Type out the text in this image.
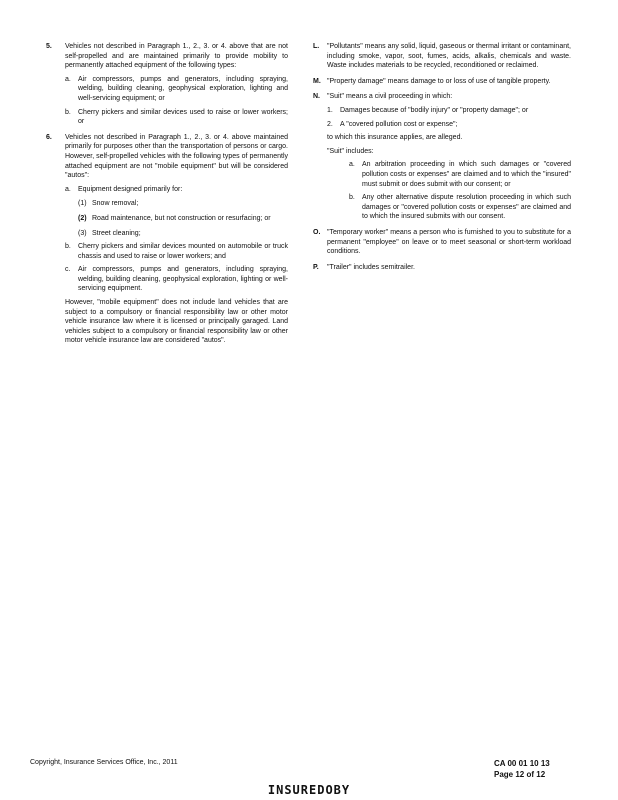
5. Vehicles not described in Paragraph 1., 2., 3. or 4. above that are not self-propelled and are maintained primarily to provide mobility to permanently attached equipment of the following types:
a. Air compressors, pumps and generators, including spraying, welding, building cleaning, geophysical exploration, lighting and well-servicing equipment; or
b. Cherry pickers and similar devices used to raise or lower workers; or
6. Vehicles not described in Paragraph 1., 2., 3. or 4. above maintained primarily for purposes other than the transportation of persons or cargo. However, self-propelled vehicles with the following types of permanently attached equipment are not "mobile equipment" but will be considered "autos":
a. Equipment designed primarily for:
(1) Snow removal;
(2) Road maintenance, but not construction or resurfacing; or
(3) Street cleaning;
b. Cherry pickers and similar devices mounted on automobile or truck chassis and used to raise or lower workers; and
c. Air compressors, pumps and generators, including spraying, welding, building cleaning, geophysical exploration, lighting or well-servicing equipment.
However, "mobile equipment" does not include land vehicles that are subject to a compulsory or financial responsibility law or other motor vehicle insurance law where it is licensed or principally garaged. Land vehicles subject to a compulsory or financial responsibility law or other motor vehicle insurance law are considered "autos".
L. "Pollutants" means any solid, liquid, gaseous or thermal irritant or contaminant, including smoke, vapor, soot, fumes, acids, alkalis, chemicals and waste. Waste includes materials to be recycled, reconditioned or reclaimed.
M. "Property damage" means damage to or loss of use of tangible property.
N. "Suit" means a civil proceeding in which:
1. Damages because of "bodily injury" or "property damage"; or
2. A "covered pollution cost or expense";
to which this insurance applies, are alleged.
"Suit" includes:
a. An arbitration proceeding in which such damages or "covered pollution costs or expenses" are claimed and to which the "insured" must submit or does submit with our consent; or
b. Any other alternative dispute resolution proceeding in which such damages or "covered pollution costs or expenses" are claimed and to which the insured submits with our consent.
O. "Temporary worker" means a person who is furnished to you to substitute for a permanent "employee" on leave or to meet seasonal or short-term workload conditions.
P. "Trailer" includes semitrailer.
Copyright, Insurance Services Office, Inc., 2011	CA 00 01 10 13
Page 12 of 12
INSUREDOBY
